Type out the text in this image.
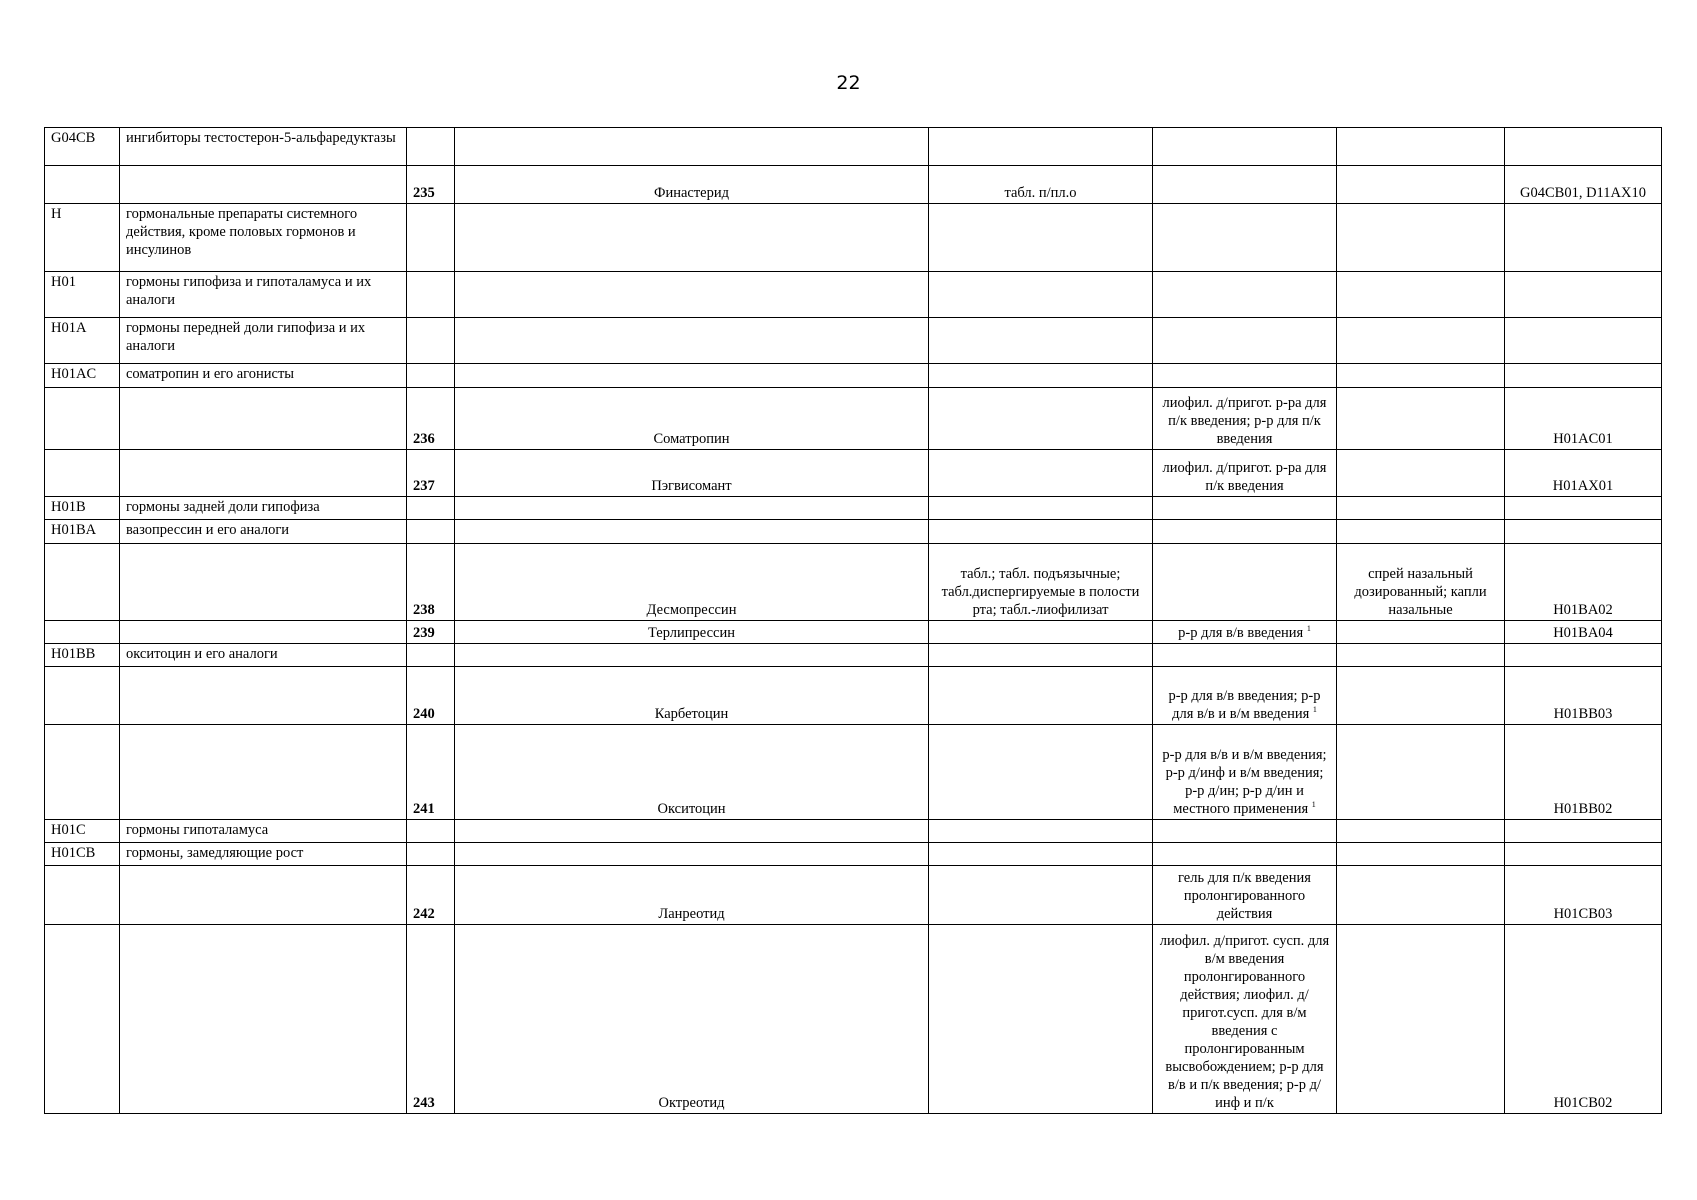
22
G04CB	ингибиторы тестостерон-5-альфаредуктазы						
		235	Финастерид	табл. п/пл.о			G04CB01, D11AX10
H	гормональные препараты системного действия, кроме половых гормонов и инсулинов						
H01	гормоны гипофиза и гипоталамуса и их аналоги						
H01A	гормоны передней доли гипофиза и их аналоги						
H01AC	соматропин и его агонисты						
		236	Соматропин		лиофил. д/пригот. р-ра для п/к введения; р-р для п/к введения		H01AC01
		237	Пэгвисомант		лиофил. д/пригот. р-ра для п/к введения		H01AX01
H01B	гормоны задней доли гипофиза						
H01BA	вазопрессин и его аналоги						
		238	Десмопрессин	табл.; табл. подъязычные; табл.диспергируемые в полости рта; табл.-лиофилизат		спрей назальный дозированный; капли назальные	H01BA02
		239	Терлипрессин		р-р для в/в введения $^1$		H01BA04
H01BB	окситоцин и его аналоги						
		240	Карбетоцин		р-р для в/в введения; р-р для в/в и в/м введения $^1$		H01BB03
		241	Окситоцин		р-р для в/в и в/м введения; р-р д/инф и в/м введения; р-р д/ин; р-р д/ин и местного применения $^1$		H01BB02
H01C	гормоны гипоталамуса						
H01CB	гормоны, замедляющие рост						
		242	Ланреотид		гель для п/к введения пролонгированного действия		H01CB03
		243	Октреотид		лиофил. д/пригот. сусп. для в/м введения пролонгированного действия; лиофил. д/пригот.сусп. для в/м введения с пролонгированным высвобождением; р-р для в/в и п/к введения; р-р д/инф и п/к		H01CB02
